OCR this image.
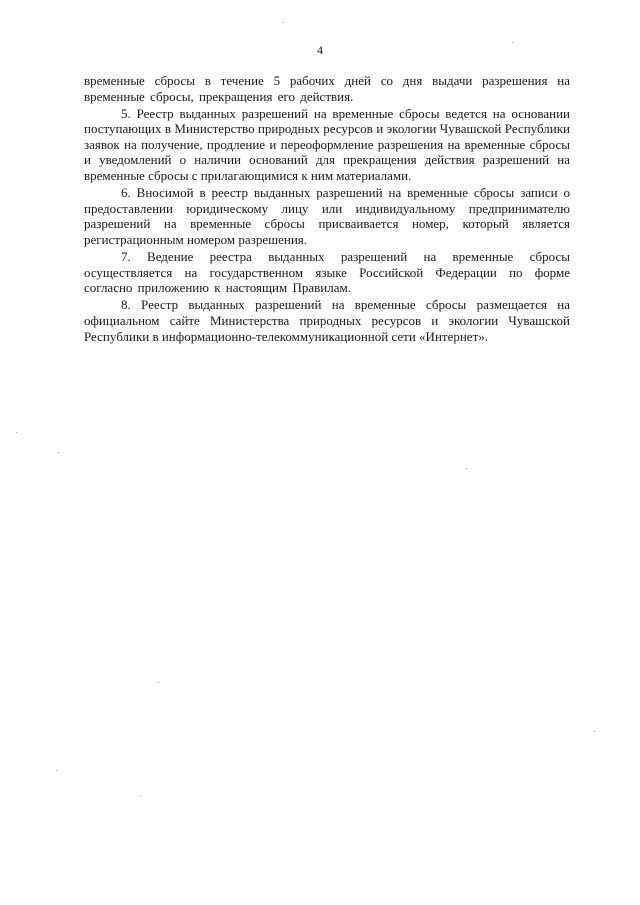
4

временные сбросы в течение 5 рабочих дней со дня выдачи разрешения на временные сбросы, прекращения его действия.

5. Реестр выданных разрешений на временные сбросы ведется на основании поступающих в Министерство природных ресурсов и экологии Чувашской Республики заявок на получение, продление и переоформление разрешения на временные сбросы и уведомлений о наличии оснований для прекращения действия разрешений на временные сбросы с прилагающимися к ним материалами.

6. Вносимой в реестр выданных разрешений на временные сбросы записи о предоставлении юридическому лицу или индивидуальному предпринимателю разрешений на временные сбросы присваивается номер, который является регистрационным номером разрешения.

7. Ведение реестра выданных разрешений на временные сбросы осуществляется на государственном языке Российской Федерации по форме согласно приложению к настоящим Правилам.

8. Реестр выданных разрешений на временные сбросы размещается на официальном сайте Министерства природных ресурсов и экологии Чувашской Республики в информационно-телекоммуникационной сети «Интернет».
